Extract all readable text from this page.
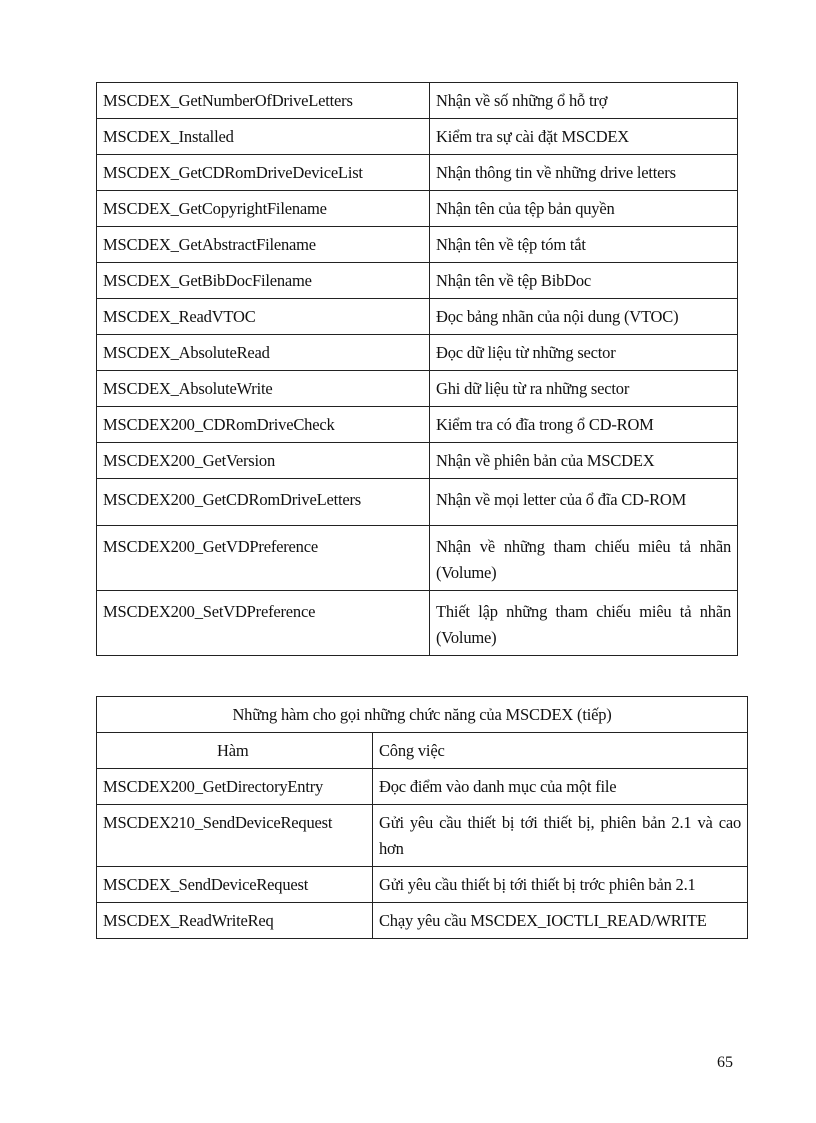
MSCDEX_GetNumberOfDriveLetters	Nhận về số những ổ hỗ trợ
MSCDEX_Installed	Kiểm tra sự cài đặt MSCDEX
MSCDEX_GetCDRomDriveDeviceList	Nhận thông tin về những drive letters
MSCDEX_GetCopyrightFilename	Nhận tên của tệp bản quyền
MSCDEX_GetAbstractFilename	Nhận tên về tệp tóm tắt
MSCDEX_GetBibDocFilename	Nhận tên về tệp BibDoc
MSCDEX_ReadVTOC	Đọc bảng nhãn của nội dung (VTOC)
MSCDEX_AbsoluteRead	Đọc dữ liệu từ những sector
MSCDEX_AbsoluteWrite	Ghi dữ liệu từ ra những sector
MSCDEX200_CDRomDriveCheck	Kiểm tra có đĩa trong ổ CD-ROM
MSCDEX200_GetVersion	Nhận về phiên bản của MSCDEX
MSCDEX200_GetCDRomDriveLetters	Nhận về mọi letter của ổ đĩa CD-ROM
MSCDEX200_GetVDPreference	Nhận về những tham chiếu miêu tả nhãn (Volume)
MSCDEX200_SetVDPreference	Thiết lập những tham chiếu miêu tả nhãn (Volume)
Những hàm cho gọi những chức năng của MSCDEX (tiếp)	
Hàm	Công việc
MSCDEX200_GetDirectoryEntry	Đọc điểm vào danh mục của một file
MSCDEX210_SendDeviceRequest	Gửi yêu cầu thiết bị tới thiết bị, phiên bản 2.1 và cao hơn
MSCDEX_SendDeviceRequest	Gửi yêu cầu thiết bị tới thiết bị trớc phiên bản 2.1
MSCDEX_ReadWriteReq	Chạy yêu cầu MSCDEX_IOCTLI_READ/WRITE
65
